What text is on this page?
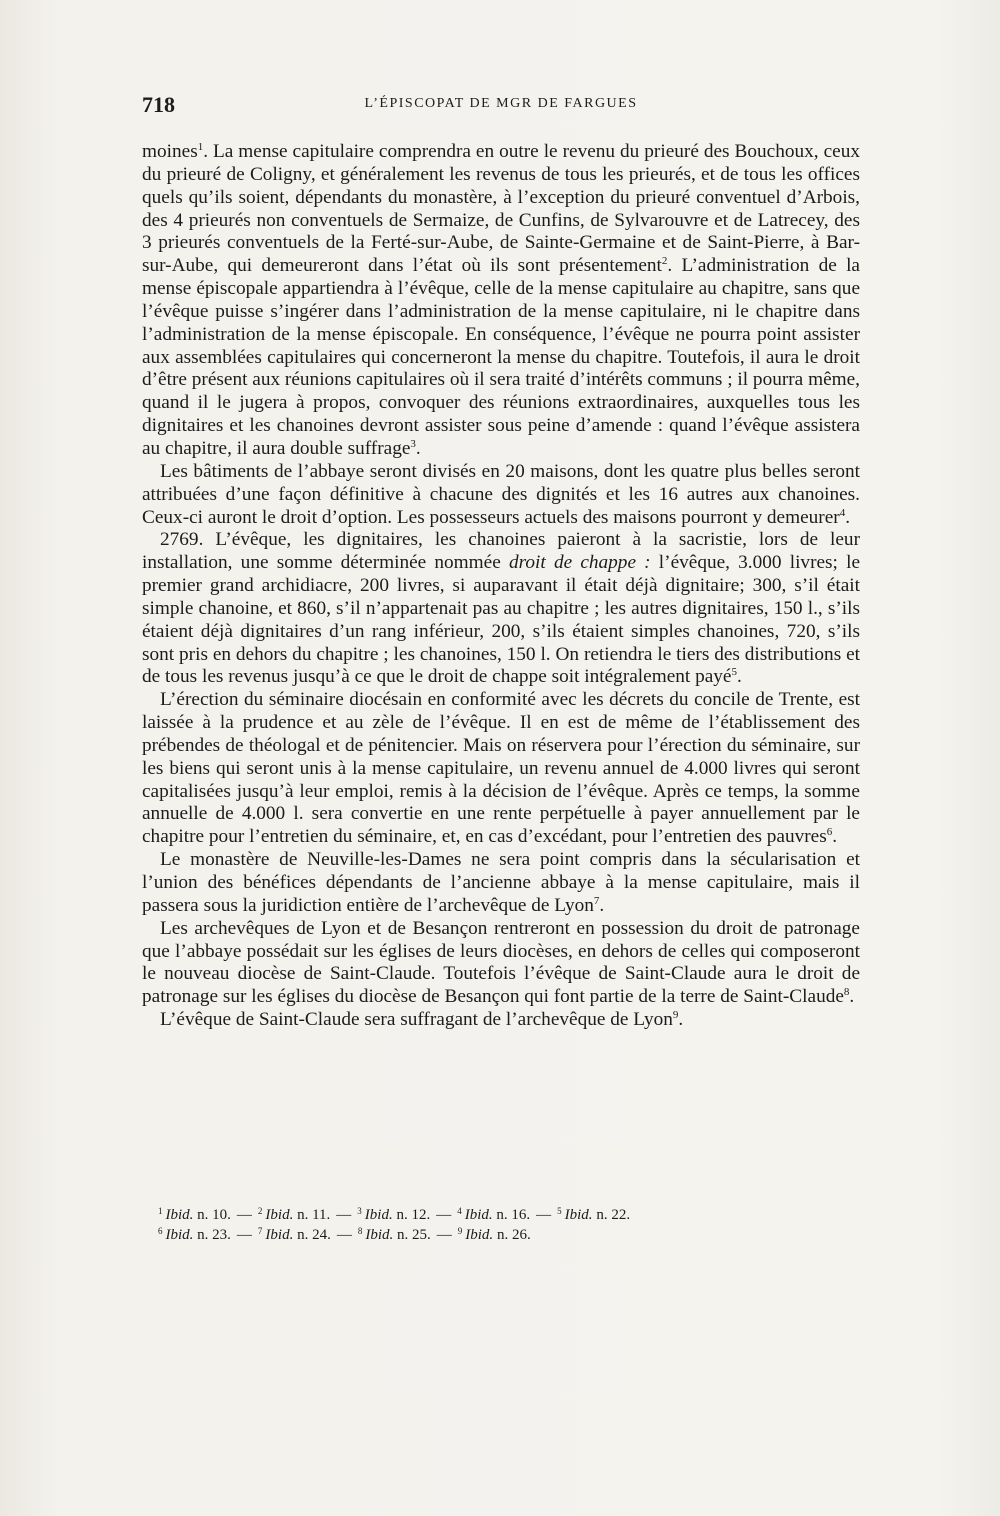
718	L’ÉPISCOPAT DE MGR DE FARGUES

moines$^1$. La mense capitulaire comprendra en outre le revenu du prieuré des Bouchoux, ceux du prieuré de Coligny, et généralement les revenus de tous les prieurés, et de tous les offices quels qu’ils soient, dépendants du monastère, à l’exception du prieuré conventuel d’Arbois, des 4 prieurés non conventuels de Sermaize, de Cunfins, de Sylvarouvre et de Latrecey, des 3 prieurés conventuels de la Ferté-sur-Aube, de Sainte-Germaine et de Saint-Pierre, à Bar-sur-Aube, qui demeureront dans l’état où ils sont présentement$^2$. L’administration de la mense épiscopale appartiendra à l’évêque, celle de la mense capitulaire au chapitre, sans que l’évêque puisse s’ingérer dans l’administration de la mense capitulaire, ni le chapitre dans l’administration de la mense épiscopale. En conséquence, l’évêque ne pourra point assister aux assemblées capitulaires qui concerneront la mense du chapitre. Toutefois, il aura le droit d’être présent aux réunions capitulaires où il sera traité d’intérêts communs ; il pourra même, quand il le jugera à propos, convoquer des réunions extraordinaires, auxquelles tous les dignitaires et les chanoines devront assister sous peine d’amende : quand l’évêque assistera au chapitre, il aura double suffrage$^3$.

Les bâtiments de l’abbaye seront divisés en 20 maisons, dont les quatre plus belles seront attribuées d’une façon définitive à chacune des dignités et les 16 autres aux chanoines. Ceux-ci auront le droit d’option. Les possesseurs actuels des maisons pourront y demeurer$^4$.

2769. L’évêque, les dignitaires, les chanoines paieront à la sacristie, lors de leur installation, une somme déterminée nommée droit de chappe : l’évêque, 3.000 livres; le premier grand archidiacre, 200 livres, si auparavant il était déjà dignitaire; 300, s’il était simple chanoine, et 860, s’il n’appartenait pas au chapitre ; les autres dignitaires, 150 l., s’ils étaient déjà dignitaires d’un rang inférieur, 200, s’ils étaient simples chanoines, 720, s’ils sont pris en dehors du chapitre ; les chanoines, 150 l. On retiendra le tiers des distributions et de tous les revenus jusqu’à ce que le droit de chappe soit intégralement payé$^5$.

L’érection du séminaire diocésain en conformité avec les décrets du concile de Trente, est laissée à la prudence et au zèle de l’évêque. Il en est de même de l’établissement des prébendes de théologal et de pénitencier. Mais on réservera pour l’érection du séminaire, sur les biens qui seront unis à la mense capitulaire, un revenu annuel de 4.000 livres qui seront capitalisées jusqu’à leur emploi, remis à la décision de l’évêque. Après ce temps, la somme annuelle de 4.000 l. sera convertie en une rente perpétuelle à payer annuellement par le chapitre pour l’entretien du séminaire, et, en cas d’excédant, pour l’entretien des pauvres$^6$.

Le monastère de Neuville-les-Dames ne sera point compris dans la sécularisation et l’union des bénéfices dépendants de l’ancienne abbaye à la mense capitulaire, mais il passera sous la juridiction entière de l’archevêque de Lyon$^7$.

Les archevêques de Lyon et de Besançon rentreront en possession du droit de patronage que l’abbaye possédait sur les églises de leurs diocèses, en dehors de celles qui composeront le nouveau diocèse de Saint-Claude. Toutefois l’évêque de Saint-Claude aura le droit de patronage sur les églises du diocèse de Besançon qui font partie de la terre de Saint-Claude$^8$.

L’évêque de Saint-Claude sera suffragant de l’archevêque de Lyon$^9$.

$^1$ Ibid. n. 10. — $^2$ Ibid. n. 11. — $^3$ Ibid. n. 12. — $^4$ Ibid. n. 16. — $^5$ Ibid. n. 22.
$^6$ Ibid. n. 23. — $^7$ Ibid. n. 24. — $^8$ Ibid. n. 25. — $^9$ Ibid. n. 26.
